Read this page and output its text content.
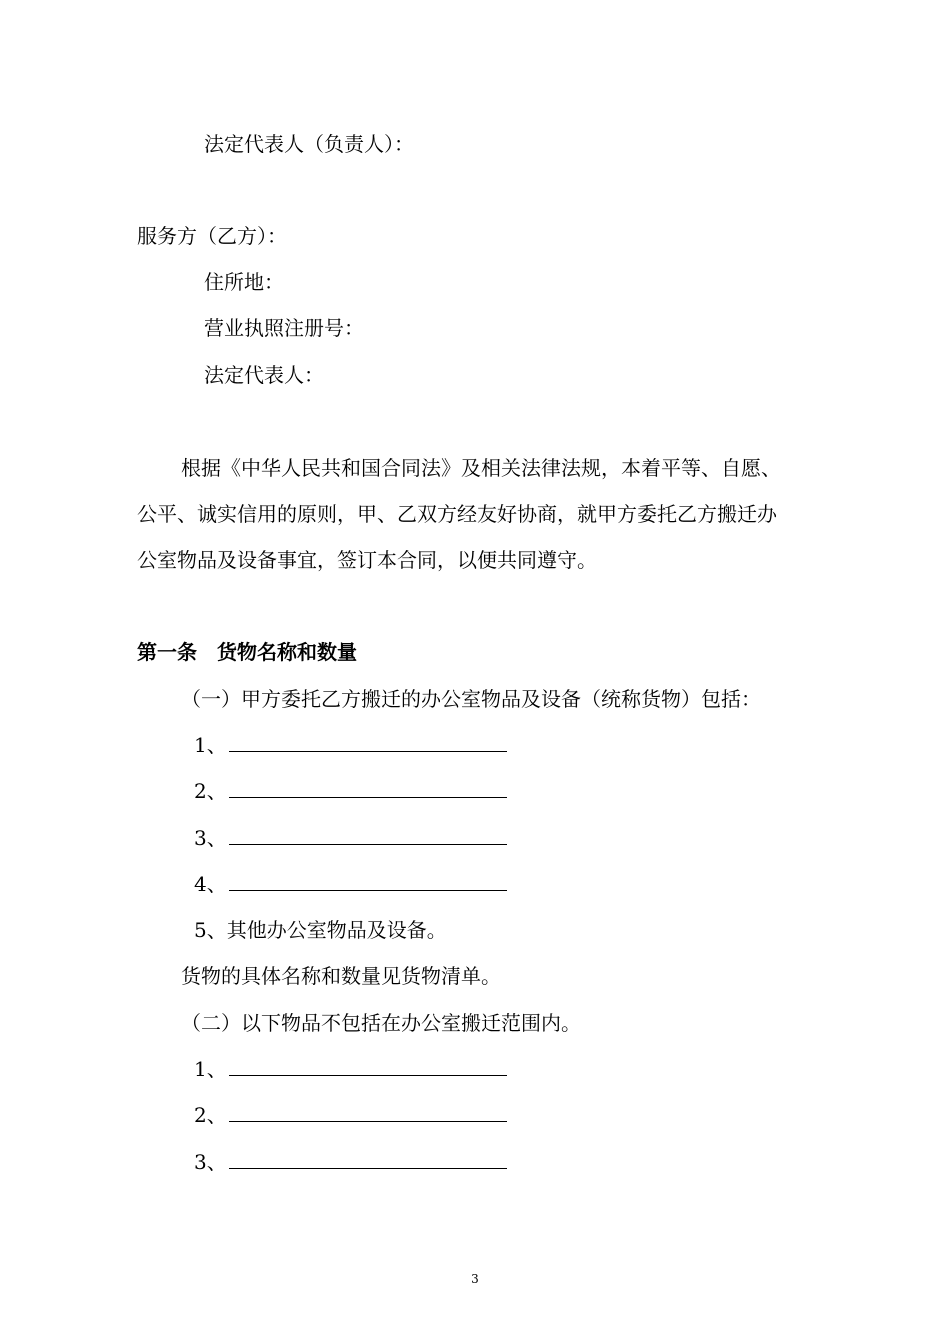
法定代表人（负责人）：
服务方（乙方）：
住所地：
营业执照注册号：
法定代表人：
根据《中华人民共和国合同法》及相关法律法规，本着平等、自愿、
公平、诚实信用的原则，甲、乙双方经友好协商，就甲方委托乙方搬迁办
公室物品及设备事宜，签订本合同，以便共同遵守。
第一条　货物名称和数量
（一）甲方委托乙方搬迁的办公室物品及设备（统称货物）包括：
1、
2、
3、
4、
5、其他办公室物品及设备。
货物的具体名称和数量见货物清单。
（二）以下物品不包括在办公室搬迁范围内。
1、
2、
3、
3
